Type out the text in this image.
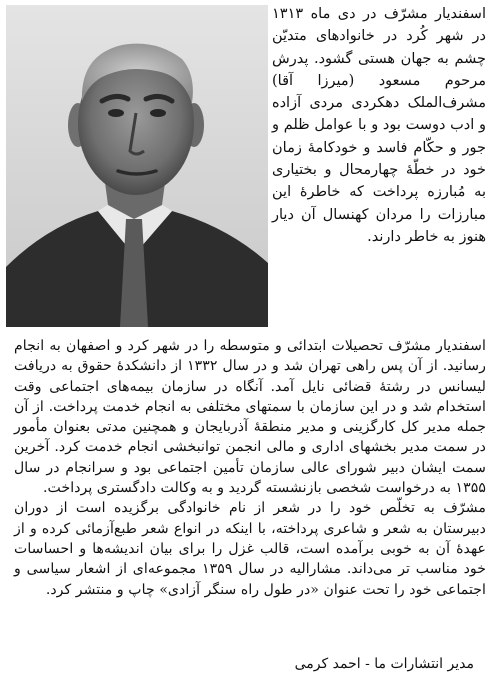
اسفندیار مشرّف در دی ماه ۱۳۱۳ در شهر کُرد در خانوادهای متدیّن چشم به جهان هستی گشود. پدرش مرحوم مسعود (میرزا آقا) مشرف‌الملک دهکردی مردی آزاده و ادب دوست بود و با عوامل ظلم و جور و حکّام فاسد و خودکامهٔ زمان خود در خطّهٔ چهارمحال و بختیاری به مُبارزه پرداخت که خاطرهٔ این مبارزات را مردان کهنسال آن دیار هنوز به خاطر دارند.

اسفندیار مشرّف تحصیلات ابتدائی و متوسطه را در شهر کرد و اصفهان به انجام رسانید. از آن پس راهی تهران شد و در سال ۱۳۳۲ از دانشکدهٔ حقوق به دریافت لیسانس در رشتهٔ قضائی نایل آمد. آنگاه در سازمان بیمه‌های اجتماعی وقت استخدام شد و در این سازمان با سمتهای مختلفی به انجام خدمت پرداخت. از آن جمله مدیر کل کارگزینی و مدیر منطقهٔ آذربایجان و همچنین مدتی بعنوان مأمور در سمت مدیر بخشهای اداری و مالی انجمن توانبخشی انجام خدمت کرد. آخرین سمت ایشان دبیر شورای عالی سازمان تأمین اجتماعی بود و سرانجام در سال ۱۳۵۵ به درخواست شخصی بازنشسته گردید و به وکالت دادگستری پرداخت.

مشرّف به تخلّص خود را در شعر از نام خانوادگی برگزیده است از دوران دبیرستان به شعر و شاعری پرداخته، با اینکه در انواع شعر طبع‌آزمائی کرده و از عهدهٔ آن به خوبی برآمده است، قالب غزل را برای بیان اندیشه‌ها و احساسات خود مناسب تر می‌داند. مشارالیه در سال ۱۳۵۹ مجموعه‌ای از اشعار سیاسی و اجتماعی خود را تحت عنوان «در طول راه سنگر آزادی» چاپ و منتشر کرد.

مدیر انتشارات ما - احمد کرمی
